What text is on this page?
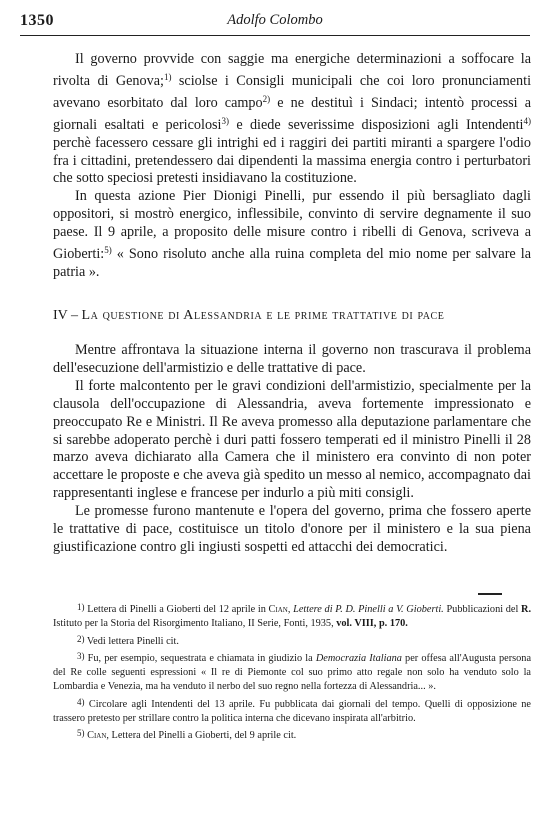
1350	Adolfo Colombo

Il governo provvide con saggie ma energiche determinazioni a soffocare la rivolta di Genova;$^{1)}$ sciolse i Consigli municipali che coi loro pronunciamenti avevano esorbitato dal loro campo$^{2)}$ e ne destituì i Sindaci; intentò processi a giornali esaltati e pericolosi$^{3)}$ e diede severissime disposizioni agli Intendenti$^{4)}$ perchè facessero cessare gli intrighi ed i raggiri dei partiti miranti a spargere l'odio fra i cittadini, pretendessero dai dipendenti la massima energia contro i perturbatori che sotto speciosi pretesti insidiavano la costituzione.

In questa azione Pier Dionigi Pinelli, pur essendo il più bersagliato dagli oppositori, si mostrò energico, inflessibile, convinto di servire degnamente il suo paese. Il 9 aprile, a proposito delle misure contro i ribelli di Genova, scriveva a Gioberti:$^{5)}$ « Sono risoluto anche alla ruina completa del mio nome per salvare la patria ».

IV – La questione di Alessandria e le prime trattative di pace

Mentre affrontava la situazione interna il governo non trascurava il problema dell'esecuzione dell'armistizio e delle trattative di pace.

Il forte malcontento per le gravi condizioni dell'armistizio, specialmente per la clausola dell'occupazione di Alessandria, aveva fortemente impressionato e preoccupato Re e Ministri. Il Re aveva promesso alla deputazione parlamentare che si sarebbe adoperato perchè i duri patti fossero temperati ed il ministro Pinelli il 28 marzo aveva dichiarato alla Camera che il ministero era convinto di non poter accettare le proposte e che aveva già spedito un messo al nemico, accompagnato dai rappresentanti inglese e francese per indurlo a più miti consigli.

Le promesse furono mantenute e l'opera del governo, prima che fossero aperte le trattative di pace, costituisce un titolo d'onore per il ministero e la sua piena giustificazione contro gli ingiusti sospetti ed attacchi dei democratici.

1) Lettera di Pinelli a Gioberti del 12 aprile in Cian, Lettere di P. D. Pinelli a V. Gioberti. Pubblicazioni del R. Istituto per la Storia del Risorgimento Italiano, II Serie, Fonti, 1935, vol. VIII, p. 170.

2) Vedi lettera Pinelli cit.

3) Fu, per esempio, sequestrata e chiamata in giudizio la Democrazia Italiana per offesa all'Augusta persona del Re colle seguenti espressioni « Il re di Piemonte col suo primo atto regale non solo ha venduto solo la Lombardia e Venezia, ma ha venduto il nerbo del suo regno nella fortezza di Alessandria... ».

4) Circolare agli Intendenti del 13 aprile. Fu pubblicata dai giornali del tempo. Quelli di opposizione ne trassero pretesto per strillare contro la politica interna che dicevano inspirata all'arbitrio.

5) Cian, Lettera del Pinelli a Gioberti, del 9 aprile cit.
